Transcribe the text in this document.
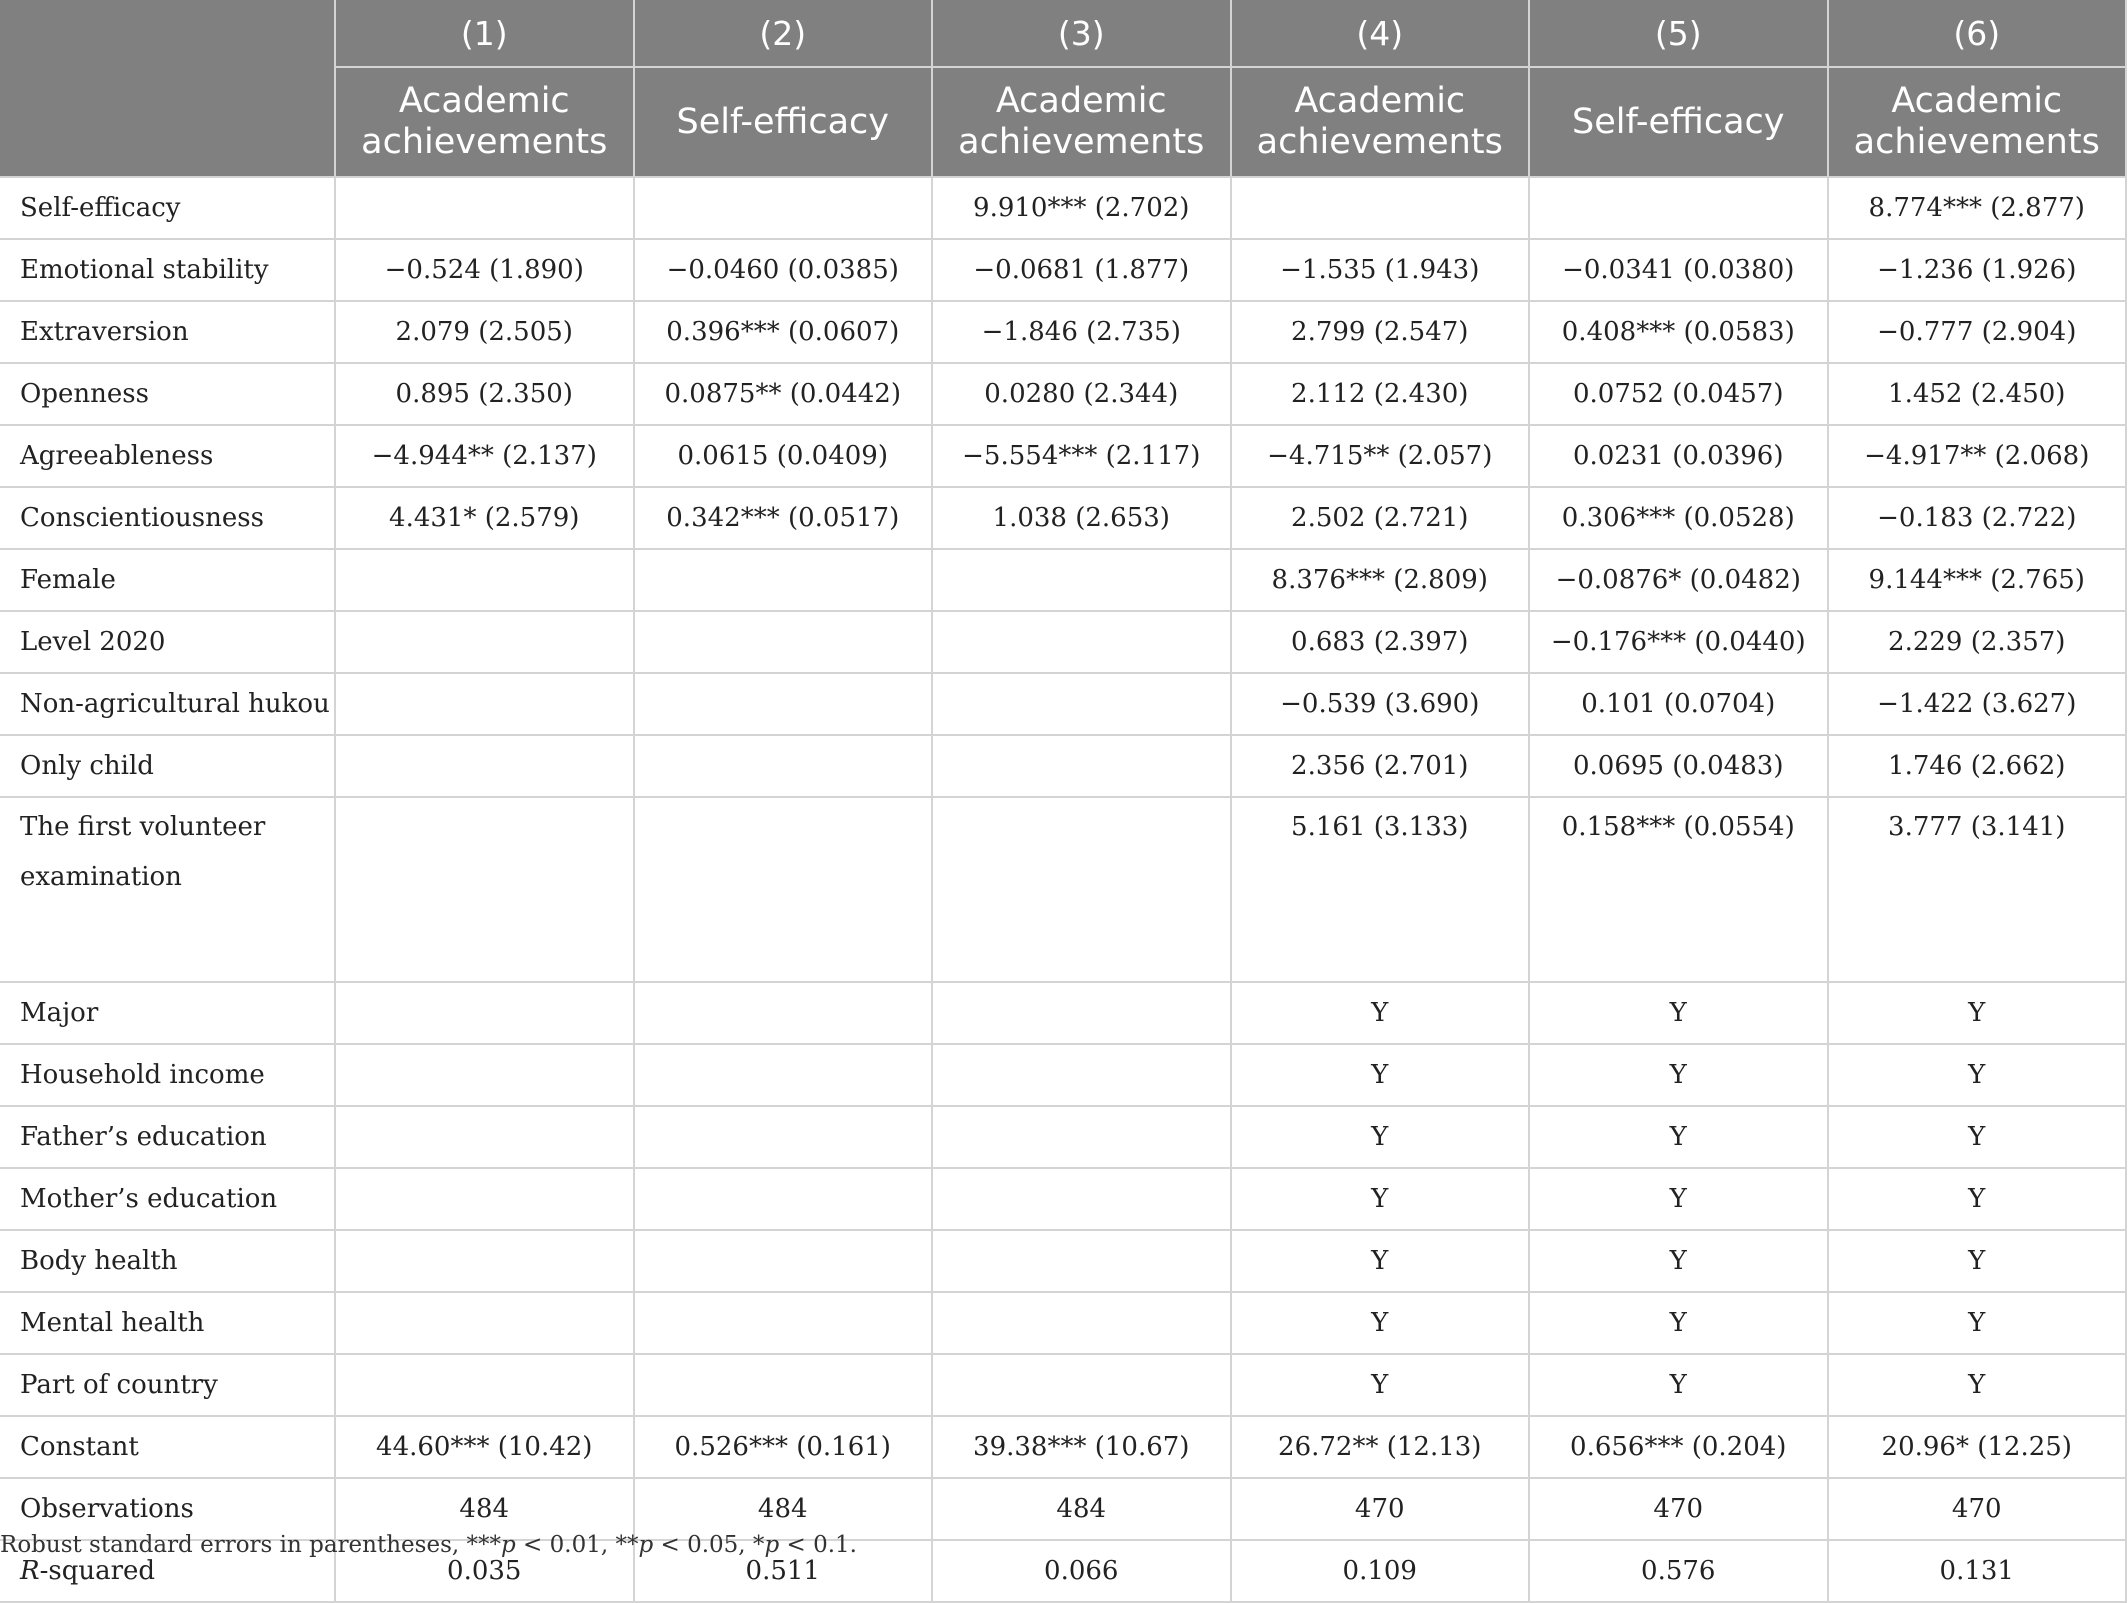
	(1)	(2)	(3)	(4)	(5)	(6)
	Academic achievements	Self-efficacy	Academic achievements	Academic achievements	Self-efficacy	Academic achievements
Self-efficacy			9.910*** (2.702)			8.774*** (2.877)
Emotional stability	−0.524 (1.890)	−0.0460 (0.0385)	−0.0681 (1.877)	−1.535 (1.943)	−0.0341 (0.0380)	−1.236 (1.926)
Extraversion	2.079 (2.505)	0.396*** (0.0607)	−1.846 (2.735)	2.799 (2.547)	0.408*** (0.0583)	−0.777 (2.904)
Openness	0.895 (2.350)	0.0875** (0.0442)	0.0280 (2.344)	2.112 (2.430)	0.0752 (0.0457)	1.452 (2.450)
Agreeableness	−4.944** (2.137)	0.0615 (0.0409)	−5.554*** (2.117)	−4.715** (2.057)	0.0231 (0.0396)	−4.917** (2.068)
Conscientiousness	4.431* (2.579)	0.342*** (0.0517)	1.038 (2.653)	2.502 (2.721)	0.306*** (0.0528)	−0.183 (2.722)
Female				8.376*** (2.809)	−0.0876* (0.0482)	9.144*** (2.765)
Level 2020				0.683 (2.397)	−0.176*** (0.0440)	2.229 (2.357)
Non-agricultural hukou				−0.539 (3.690)	0.101 (0.0704)	−1.422 (3.627)
Only child				2.356 (2.701)	0.0695 (0.0483)	1.746 (2.662)
The first volunteer examination				5.161 (3.133)	0.158*** (0.0554)	3.777 (3.141)
Major				Y	Y	Y
Household income				Y	Y	Y
Father’s education				Y	Y	Y
Mother’s education				Y	Y	Y
Body health				Y	Y	Y
Mental health				Y	Y	Y
Part of country				Y	Y	Y
Constant	44.60*** (10.42)	0.526*** (0.161)	39.38*** (10.67)	26.72** (12.13)	0.656*** (0.204)	20.96* (12.25)
Observations	484	484	484	470	470	470
R-squared	0.035	0.511	0.066	0.109	0.576	0.131
Robust standard errors in parentheses, ***p < 0.01, **p < 0.05, *p < 0.1.
